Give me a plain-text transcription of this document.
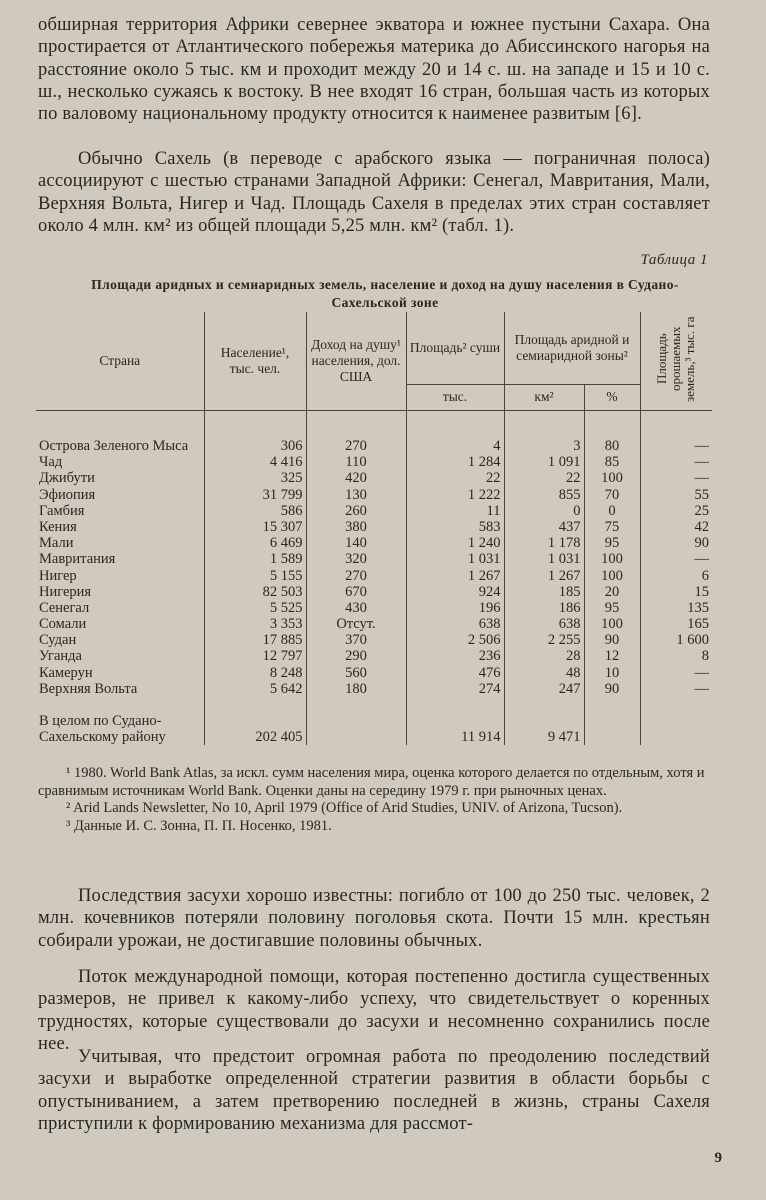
обширная территория Африки севернее экватора и южнее пустыни Сахара. Она простирается от Атлантического побережья материка до Абиссинского нагорья на расстояние около 5 тыс. км и проходит между 20 и 14 с. ш. на западе и 15 и 10 с. ш., несколько сужаясь к востоку. В нее входят 16 стран, большая часть из которых по валовому национальному продукту относится к наименее развитым [6].

Обычно Сахель (в переводе с арабского языка — пограничная полоса) ассоциируют с шестью странами Западной Африки: Сенегал, Мавритания, Мали, Верхняя Вольта, Нигер и Чад. Площадь Сахеля в пределах этих стран составляет около 4 млн. км² из общей площади 5,25 млн. км² (табл. 1).

Таблица 1
Площади аридных и семиаридных земель, население и доход на душу населения в Судано-Сахельской зоне
Страна	Население¹, тыс. чел.	Доход на душу¹ населения, дол. США	Площадь² суши	Площадь аридной и семиаридной зоны²		Площадь орошаемых земель,³ тыс. га
			тыс.	км²	%	
Острова Зеленого Мыса	306	270	4	3	80	—
Чад	4 416	110	1 284	1 091	85	—
Джибути	325	420	22	22	100	—
Эфиопия	31 799	130	1 222	855	70	55
Гамбия	586	260	11	0	0	25
Кения	15 307	380	583	437	75	42
Мали	6 469	140	1 240	1 178	95	90
Мавритания	1 589	320	1 031	1 031	100	—
Нигер	5 155	270	1 267	1 267	100	6
Нигерия	82 503	670	924	185	20	15
Сенегал	5 525	430	196	186	95	135
Сомали	3 353	Отсут.	638	638	100	165
Судан	17 885	370	2 506	2 255	90	1 600
Уганда	12 797	290	236	28	12	8
Камерун	8 248	560	476	48	10	—
Верхняя Вольта	5 642	180	274	247	90	—
В целом по Судано-Сахельскому району	202 405		11 914	9 471		

¹ 1980. World Bank Atlas, за искл. сумм населения мира, оценка которого делается по отдельным, хотя и сравнимым источникам World Bank. Оценки даны на середину 1979 г. при рыночных ценах.

² Arid Lands Newsletter, No 10, April 1979 (Office of Arid Studies, UNIV. of Arizona, Tucson).

³ Данные И. С. Зонна, П. П. Носенко, 1981.

Последствия засухи хорошо известны: погибло от 100 до 250 тыс. человек, 2 млн. кочевников потеряли половину поголовья скота. Почти 15 млн. крестьян собирали урожаи, не достигавшие половины обычных.

Поток международной помощи, которая постепенно достигла существенных размеров, не привел к какому-либо успеху, что свидетельствует о коренных трудностях, которые существовали до засухи и несомненно сохранились после нее.

Учитывая, что предстоит огромная работа по преодолению последствий засухи и выработке определенной стратегии развития в области борьбы с опустыниванием, а затем претворению последней в жизнь, страны Сахеля приступили к формированию механизма для рассмот-

9
